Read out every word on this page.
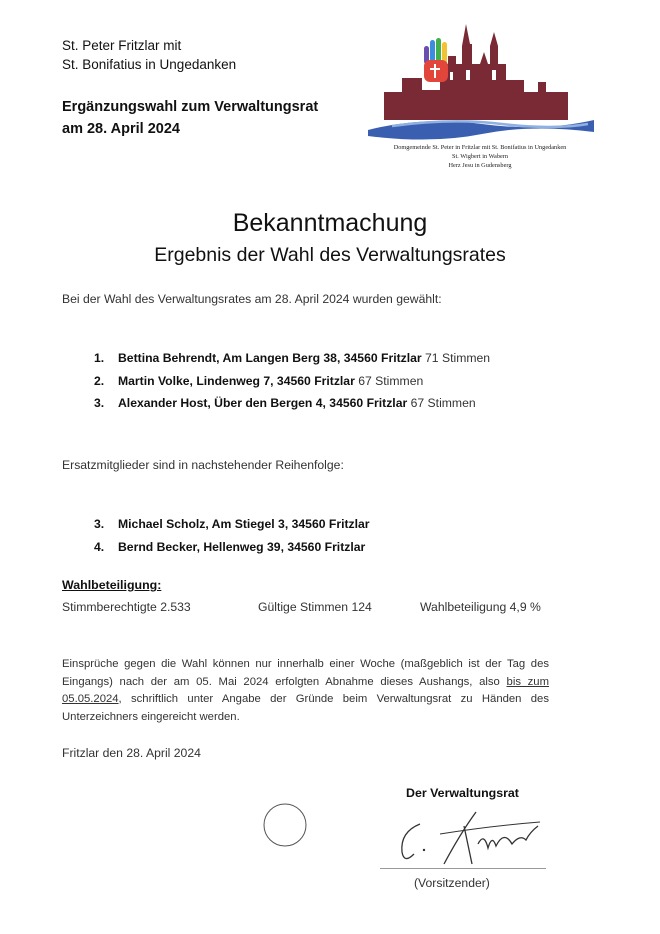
St. Peter Fritzlar mit
St. Bonifatius in Ungedanken
Ergänzungswahl zum Verwaltungsrat
am 28. April 2024
Domgemeinde St. Peter in Fritzlar mit St. Bonifatius in Ungedanken
St. Wigbert in Wabern
Herz Jesu in Gudensberg
Bekanntmachung
Ergebnis der Wahl des Verwaltungsrates
Bei der Wahl des Verwaltungsrates am 28. April 2024 wurden gewählt:
1. Bettina Behrendt, Am Langen Berg 38, 34560 Fritzlar 71 Stimmen
2. Martin Volke, Lindenweg 7, 34560 Fritzlar 67 Stimmen
3. Alexander Host, Über den Bergen 4, 34560 Fritzlar 67 Stimmen
Ersatzmitglieder sind in nachstehender Reihenfolge:
3. Michael Scholz, Am Stiegel 3, 34560 Fritzlar
4. Bernd Becker, Hellenweg 39, 34560 Fritzlar
Wahlbeteiligung:
Stimmberechtigte 2.533	Gültige Stimmen 124	Wahlbeteiligung 4,9 %
Einsprüche gegen die Wahl können nur innerhalb einer Woche (maßgeblich ist der Tag des Eingangs) nach der am 05. Mai 2024 erfolgten Abnahme dieses Aushangs, also bis zum 05.05.2024, schriftlich unter Angabe der Gründe beim Verwaltungsrat zu Händen des Unterzeichners eingereicht werden.
Fritzlar den 28. April 2024
Der Verwaltungsrat
(Vorsitzender)
